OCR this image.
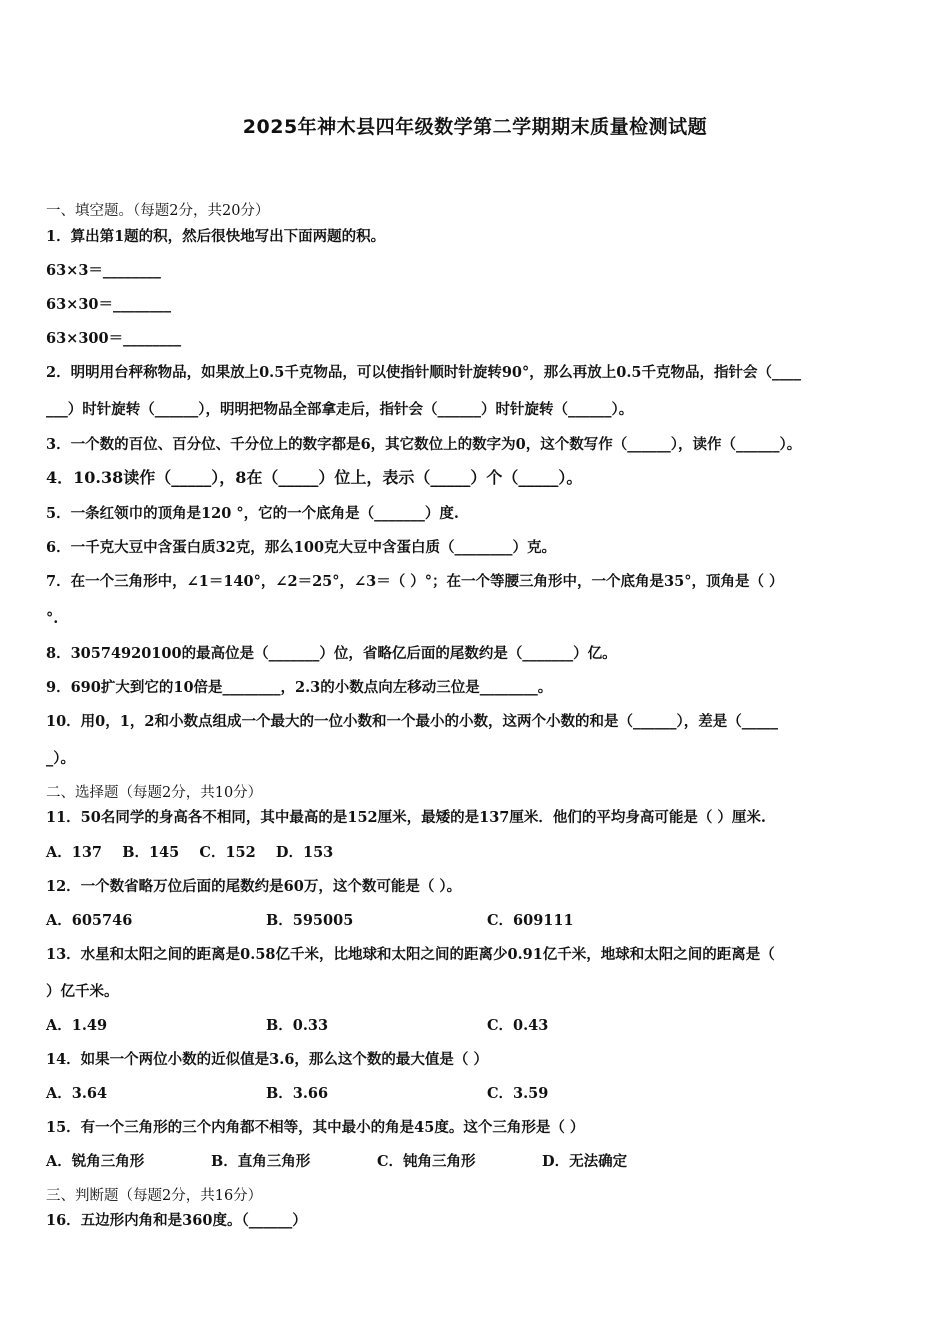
2025年神木县四年级数学第二学期期末质量检测试题
一、填空题。（每题2分，共20分）
1．算出第1题的积，然后很快地写出下面两题的积。
63×3＝________
63×30＝________
63×300＝________
2．明明用台秤称物品，如果放上0.5千克物品，可以使指针顺时针旋转90°，那么再放上0.5千克物品，指针会（____
___）时针旋转（______），明明把物品全部拿走后，指针会（______）时针旋转（______）。
3．一个数的百位、百分位、千分位上的数字都是6，其它数位上的数字为0，这个数写作（______），读作（______）。
4．10.38读作（_____），8在（_____）位上，表示（_____）个（_____）。
5．一条红领巾的顶角是120 °，它的一个底角是（_______）度.
6．一千克大豆中含蛋白质32克，那么100克大豆中含蛋白质（________）克。
7．在一个三角形中，∠1＝140°，∠2＝25°，∠3＝（ ）°；在一个等腰三角形中，一个底角是35°，顶角是（ ）
°.
8．30574920100的最高位是（_______）位，省略亿后面的尾数约是（_______）亿。
9．690扩大到它的10倍是________，2.3的小数点向左移动三位是________。
10．用0，1，2和小数点组成一个最大的一位小数和一个最小的小数，这两个小数的和是（______），差是（_____
_）。
二、选择题（每题2分，共10分）
11．50名同学的身高各不相同，其中最高的是152厘米，最矮的是137厘米．他们的平均身高可能是（ ）厘米.
A．137    B．145    C．152    D．153
12．一个数省略万位后面的尾数约是60万，这个数可能是（ ）。
A．605746	B．595005	C．609111
13．水星和太阳之间的距离是0.58亿千米，比地球和太阳之间的距离少0.91亿千米，地球和太阳之间的距离是（
）亿千米。
A．1.49	B．0.33	C．0.43
14．如果一个两位小数的近似值是3.6，那么这个数的最大值是（ ）
A．3.64	B．3.66	C．3.59
15．有一个三角形的三个内角都不相等，其中最小的角是45度。这个三角形是（ ）
A．锐角三角形	B．直角三角形	C．钝角三角形	D．无法确定
三、判断题（每题2分，共16分）
16．五边形内角和是360度。（______）
